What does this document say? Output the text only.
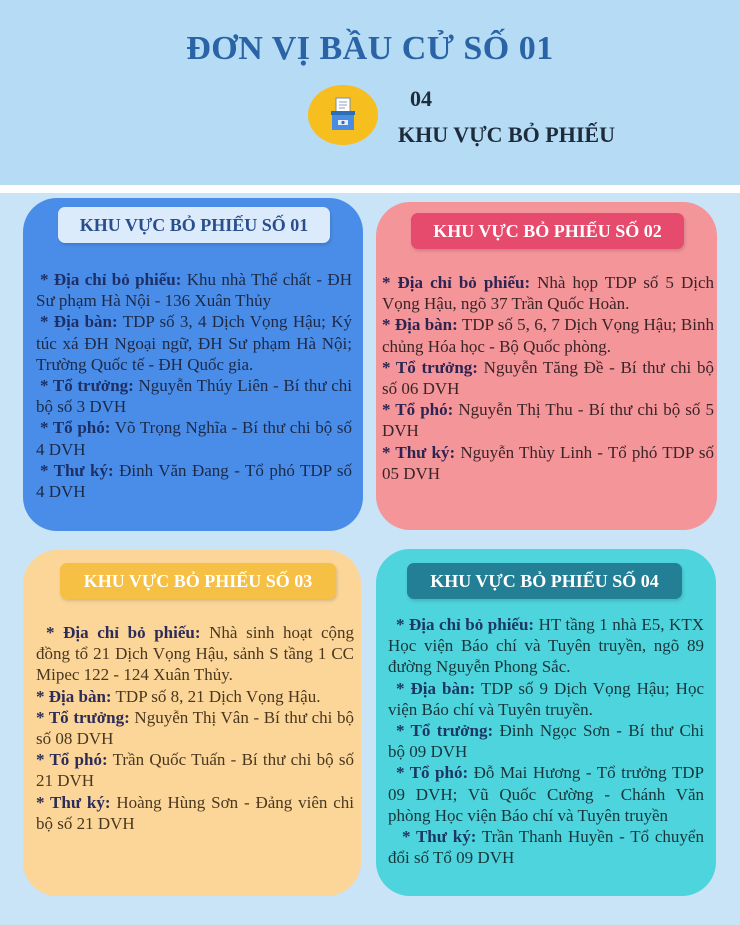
ĐƠN VỊ BẦU CỬ SỐ 01
04
KHU VỰC BỎ PHIẾU
KHU VỰC BỎ PHIẾU SỐ 01
* Địa chỉ bỏ phiếu: Khu nhà Thể chất - ĐH Sư phạm Hà Nội - 136 Xuân Thủy
* Địa bàn: TDP số 3, 4 Dịch Vọng Hậu; Ký túc xá ĐH Ngoại ngữ, ĐH Sư phạm Hà Nội; Trường Quốc tế - ĐH Quốc gia.
* Tổ trưởng: Nguyễn Thúy Liên - Bí thư chi bộ số 3 DVH
* Tổ phó: Võ Trọng Nghĩa - Bí thư chi bộ số 4 DVH
* Thư ký: Đinh Văn Đang - Tổ phó TDP số 4 DVH
KHU VỰC BỎ PHIẾU SỐ 02
* Địa chỉ bỏ phiếu: Nhà họp TDP số 5 Dịch Vọng Hậu, ngõ 37 Trần Quốc Hoàn.
* Địa bàn: TDP số 5, 6, 7 Dịch Vọng Hậu; Binh chủng Hóa học - Bộ Quốc phòng.
* Tổ trưởng: Nguyễn Tăng Đề - Bí thư chi bộ số 06 DVH
* Tổ phó: Nguyễn Thị Thu - Bí thư chi bộ số 5 DVH
* Thư ký: Nguyễn Thùy Linh - Tổ phó TDP số 05 DVH
KHU VỰC BỎ PHIẾU SỐ 03
* Địa chỉ bỏ phiếu: Nhà sinh hoạt cộng đồng tổ 21 Dịch Vọng Hậu, sảnh S tầng 1 CC Mipec 122 - 124 Xuân Thủy.
* Địa bàn: TDP số 8, 21 Dịch Vọng Hậu.
* Tổ trưởng: Nguyễn Thị Vân - Bí thư chi bộ số 08 DVH
* Tổ phó: Trần Quốc Tuấn - Bí thư chi bộ số 21 DVH
* Thư ký: Hoàng Hùng Sơn - Đảng viên chi bộ số 21 DVH
KHU VỰC BỎ PHIẾU SỐ 04
* Địa chỉ bỏ phiếu: HT tầng 1 nhà E5, KTX Học viện Báo chí và Tuyên truyền, ngõ 89 đường Nguyễn Phong Sắc.
* Địa bàn: TDP số 9 Dịch Vọng Hậu; Học viện Báo chí và Tuyên truyền.
* Tổ trưởng: Đinh Ngọc Sơn - Bí thư Chi bộ 09 DVH
* Tổ phó: Đỗ Mai Hương - Tổ trưởng TDP 09 DVH; Vũ Quốc Cường - Chánh Văn phòng Học viện Báo chí và Tuyên truyền
* Thư ký: Trần Thanh Huyền - Tổ chuyển đổi số Tổ 09 DVH
